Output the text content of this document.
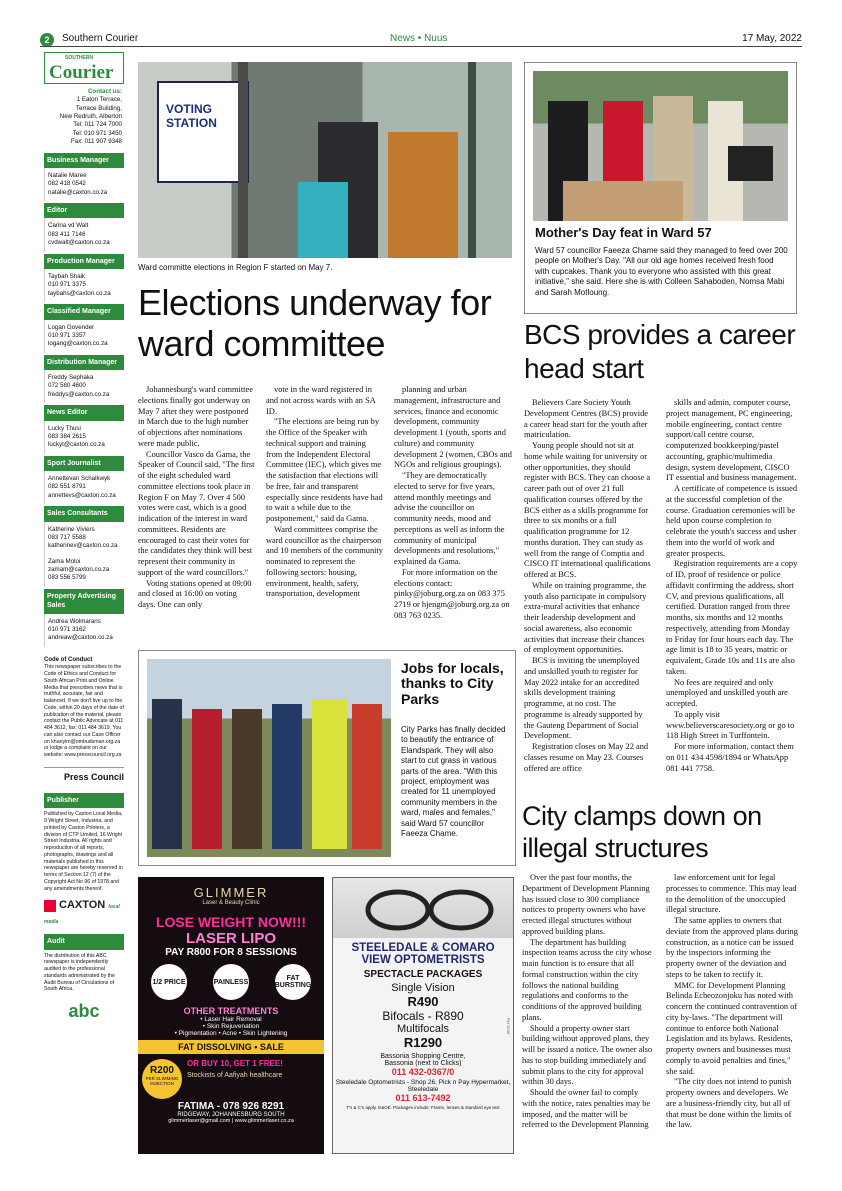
2	Southern Courier	News • Nuus	17 May, 2022
SOUTHERN
Courier
Contact us:
1 Eaton Terrace,
Terrace Building,
New Redruth, Alberton
Tel: 011 724 7000
Tel: 010 971 3450
Fax: 011 907 9348
Business Manager
Natalie Maree
082 418 0542
natalie@caxton.co.za
Editor
Carina vd Walt
083 411 7146
cvdwalt@caxton.co.za
Production Manager
Taybah Shaik
010 971 3375
taybahs@caxton.co.za
Classified Manager
Logan Govender
010 971 3357
logang@caxton.co.za
Distribution Manager
Freddy Sephaka
072 580 4600
freddys@caxton.co.za
News Editor
Lucky Thusi
083 384 2615
luckyt@caxton.co.za
Sport Journalist
Annettevan Schalkwyk
082 551 8791
annettevs@caxton.co.za
Sales Consultants
Katherine Viviers
083 717 5588
katherinev@caxton.co.za
Zama Moloi
zamam@caxton.co.za
083 556 5799
Property Advertising Sales
Andrea Wolmarans
010 971 3162
andreaw@caxton.co.za
Code of Conduct
This newspaper subscribes to the Code of Ethics and Conduct for South African Print and Online Media that prescribes news that is truthful, accurate, fair and balanced. If we don't live up to the Code, within 20 days of the date of publication of the material, please contact the Public Advocate at 011 484 3612, fax: 011 484 3619. You can also contact our Case Officer on khanyim@ombudsman.org.za or lodge a complaint on our website: www.presscouncil.org.za
Press Council
Publisher
Published by Caxton Local Media, 9 Wright Street, Industria; and printed by Caxton Printers, a division of CTP Limited, 16 Wright Street Industria. All rights and reproduction of all reports, photographs, drawings and all materials published in this newspaper are hereby reserved in terms of Section 12 (7) of the Copyright Act No 96 of 1978 and any amendments thereof.
CAXTON local media
Audit
The distribution of this ABC newspaper is independently audited to the professional standards administrated by the Audit Bureau of Circulations of South Africa.
abc
VOTING STATION
Ward committe elections in Region F started on May 7.
Elections underway for ward committee

Johannesburg's ward committee elections finally got underway on May 7 after they were postponed in March due to the high number of objections after nominations were made public.

Councillor Vasco da Gama, the Speaker of Council said, "The first of the eight scheduled ward committee elections took place in Region F on May 7. Over 4 500 votes were cast, which is a good indication of the interest in ward committees. Residents are encouraged to cast their votes for the candidates they think will best represent their community in support of the ward councillors."

Voting stations opened at 09:00 and closed at 16:00 on voting days. One can only

vote in the ward registered in and not across wards with an SA ID.

"The elections are being run by the Office of the Speaker with technical support and training from the Independent Electoral Committee (IEC), which gives me the satisfaction that elections will be free, fair and transparent especially since residents have had to wait a while due to the postponement," said da Gama.

Ward committees comprise the ward councillor as the chairperson and 10 members of the community nominated to represent the following sectors: housing, environment, health, safety, transportation, development

planning and urban management, infrastructure and services, finance and economic development, community development 1 (youth, sports and culture) and community development 2 (women, CBOs and NGOs and religious groupings).

"They are democratically elected to serve for five years, attend monthly meetings and advise the councillor on community needs, mood and perceptions as well as inform the community of municipal developments and resolutions," explained da Gama.

For more information on the elections contact: pinky@joburg.org.za on 083 375 2719 or hjengm@joburg.org.za on 083 763 0235.

Mother's Day feat in Ward 57
Ward 57 councillor Faeeza Chame said they managed to feed over 200 people on Mother's Day. "All our old age homes received fresh food with cupcakes. Thank you to everyone who assisted with this great initiative," she said. Here she is with Colleen Sahaboden, Nomsa Mabi and Sarah Motloung.
BCS provides a career head start

Believers Care Society Youth Development Centres (BCS) provide a career head start for the youth after matriculation.

Young people should not sit at home while waiting for university or other opportunities, they should register with BCS. They can choose a career path out of over 21 full qualification courses offered by the BCS either as a skills programme for three to six months or a full qualification programme for 12 months duration. They can study as well from the range of Comptia and CISCO IT international qualifications offered at BCS.

While on training programme, the youth also participate in compulsory extra-mural activities that enhance their leadership development and social awareness, also economic activities that increase their chances of employment opportunities.

BCS is inviting the unemployed and unskilled youth to register for May 2022 intake for an accredited skills development training programme, at no cost. The programme is already supported by the Gauteng Department of Social Development.

Registration closes on May 22 and classes resume on May 23. Courses offered are office

skills and admin, computer course, project management, PC engineering, mobile engineering, contact centre support/call centre course, computerized bookkeeping/pastel accounting, graphic/multimedia design, system development, CISCO IT essential and business management.

A certificate of competence is issued at the successful completion of the course. Graduation ceremonies will be held upon course completion to celebrate the youth's success and usher them into the world of work and greater prospects.

Registration requirements are a copy of ID, proof of residence or police affidavit confirming the address, short CV, and previous qualifications, all certified. Duration ranged from three months, six months and 12 months respectively, attending from Monday to Friday for four hours each day. The age limit is 18 to 35 years, matric or equivalent, Grade 10s and 11s are also taken.

No fees are required and only unemployed and unskilled youth are accepted.

To apply visit www.believerscaresociety.org or go to 118 High Street in Turffontein.

For more information, contact them on 011 434 4598/1894 or WhatsApp 081 441 7758.

Jobs for locals, thanks to City Parks
City Parks has finally decided to beautify the entrance of Elandspark. They will also start to cut grass in various parts of the area. "With this project, employment was created for 11 unemployed community members in the ward, males and females," said Ward 57 councillor Faeeza Chame.
City clamps down on illegal structures

Over the past four months, the Department of Development Planning has issued close to 300 compliance notices to property owners who have erected illegal structures without approved building plans.

The department has building inspection teams across the city whose main function is to ensure that all formal construction within the city follows the national building regulations and conforms to the conditions of the approved building plans.

Should a property owner start building without approved plans, they will be issued a notice. The owner also has to stop building immediately and submit plans to the city for approval within 30 days.

Should the owner fail to comply with the notice, rates penalties may be imposed, and the matter will be referred to the Development Planning

law enforcement unit for legal processes to commence. This may lead to the demolition of the unoccupied illegal structure.

The same applies to owners that deviate from the approved plans during construction, as a notice can be issued by the inspectors informing the property owner of the deviation and steps to be taken to rectify it.

MMC for Development Planning Belinda Echeozonjoku has noted with concern the continued contravention of city by-laws. "The department will continue to enforce both National Legislation and its bylaws. Residents, property owners and businesses must comply to avoid penalties and fines," she said.

"The city does not intend to punish property owners and developers. We are a business-friendly city, but all of that must be done within the limits of the law.

GLIMMER
Laser & Beauty Clinic
LOSE WEIGHT NOW!!!
LASER LIPO
PAY R800 FOR 8 SESSIONS
1/2 PRICE	PAINLESS	FAT BURSTING
OTHER TREATMENTS
• Laser Hair Removal
• Skin Rejuvenation
• Pigmentation • Acne • Skin Lightening
FAT DISSOLVING • SALE
R200
PER SLIMMING INJECTION
OR BUY 10, GET 1 FREE!
Stockists of Aafiyah healthcare
FATIMA - 078 926 8291
RIDGEWAY, JOHANNESBURG SOUTH
glimmerlaser@gmail.com | www.glimmerlaser.co.za
STEELEDALE & COMARO
VIEW OPTOMETRISTS
SPECTACLE PACKAGES
Single Vision
R490
Bifocals - R890
Multifocals
R1290
Bassonia Shopping Centre,
Bassonia (next to Clicks)
011 432-0367/0
Steeledale Optometrists - Shop 26, Pick n Pay Hypermarket, Steeledale
011 613-7492
T's & C's apply. E&OE. Packages include: Frame, lenses & standard eye test
Ref 5046
